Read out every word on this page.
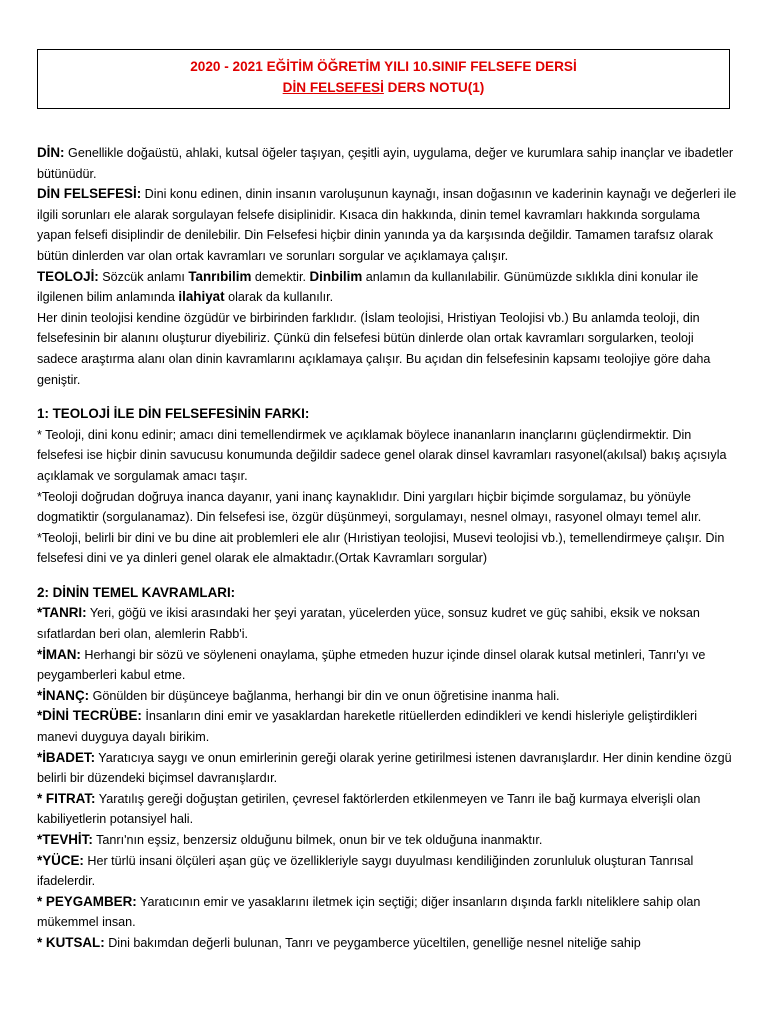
2020 - 2021 EĞİTİM ÖĞRETİM YILI 10.SINIF FELSEFE DERSİ
DİN FELSEFESİ DERS NOTU(1)

DİN: Genellikle doğaüstü, ahlaki, kutsal öğeler taşıyan, çeşitli ayin, uygulama, değer ve kurumlara sahip inançlar ve ibadetler bütünüdür.

DİN FELSEFESİ: Dini konu edinen, dinin insanın varoluşunun kaynağı, insan doğasının ve kaderinin kaynağı ve değerleri ile ilgili sorunları ele alarak sorgulayan felsefe disiplinidir. Kısaca din hakkında, dinin temel kavramları hakkında sorgulama yapan felsefi disiplindir de denilebilir. Din Felsefesi hiçbir dinin yanında ya da karşısında değildir. Tamamen tarafsız olarak bütün dinlerden var olan ortak kavramları ve sorunları sorgular ve açıklamaya çalışır.

TEOLOJİ: Sözcük anlamı Tanrıbilim demektir. Dinbilim anlamın da kullanılabilir. Günümüzde sıklıkla dini konular ile ilgilenen bilim anlamında ilahiyat olarak da kullanılır.

Her dinin teolojisi kendine özgüdür ve birbirinden farklıdır. (İslam teolojisi, Hristiyan Teolojisi vb.) Bu anlamda teoloji, din felsefesinin bir alanını oluşturur diyebiliriz. Çünkü din felsefesi bütün dinlerde olan ortak kavramları sorgularken, teoloji sadece araştırma alanı olan dinin kavramlarını açıklamaya çalışır. Bu açıdan din felsefesinin kapsamı teolojiye göre daha geniştir.

1: TEOLOJİ İLE DİN FELSEFESİNİN FARKI:

* Teoloji, dini konu edinir; amacı dini temellendirmek ve açıklamak böylece inananların inançlarını güçlendirmektir. Din felsefesi ise hiçbir dinin savucusu konumunda değildir sadece genel olarak dinsel kavramları rasyonel(akılsal) bakış açısıyla açıklamak ve sorgulamak amacı taşır.

*Teoloji doğrudan doğruya inanca dayanır, yani inanç kaynaklıdır. Dini yargıları hiçbir biçimde sorgulamaz, bu yönüyle dogmatiktir (sorgulanamaz). Din felsefesi ise, özgür düşünmeyi, sorgulamayı, nesnel olmayı, rasyonel olmayı temel alır.

*Teoloji, belirli bir dini ve bu dine ait problemleri ele alır (Hıristiyan teolojisi, Musevi teolojisi vb.), temellendirmeye çalışır. Din felsefesi dini ve ya dinleri genel olarak ele almaktadır.(Ortak Kavramları sorgular)

2: DİNİN TEMEL KAVRAMLARI:

*TANRI: Yeri, göğü ve ikisi arasındaki her şeyi yaratan, yücelerden yüce, sonsuz kudret ve güç sahibi, eksik ve noksan sıfatlardan beri olan, alemlerin Rabb'i.

*İMAN: Herhangi bir sözü ve söyleneni onaylama, şüphe etmeden huzur içinde dinsel olarak kutsal metinleri, Tanrı'yı ve peygamberleri kabul etme.

*İNANÇ: Gönülden bir düşünceye bağlanma, herhangi bir din ve onun öğretisine inanma hali.

*DİNİ TECRÜBE: İnsanların dini emir ve yasaklardan hareketle ritüellerden edindikleri ve kendi hisleriyle geliştirdikleri manevi duyguya dayalı birikim.

*İBADET: Yaratıcıya saygı ve onun emirlerinin gereği olarak yerine getirilmesi istenen davranışlardır. Her dinin kendine özgü belirli bir düzendeki biçimsel davranışlardır.

* FITRAT: Yaratılış gereği doğuştan getirilen, çevresel faktörlerden etkilenmeyen ve Tanrı ile bağ kurmaya elverişli olan kabiliyetlerin potansiyel hali.

*TEVHİT: Tanrı'nın eşsiz, benzersiz olduğunu bilmek, onun bir ve tek olduğuna inanmaktır.

*YÜCE: Her türlü insani ölçüleri aşan güç ve özellikleriyle saygı duyulması kendiliğinden zorunluluk oluşturan Tanrısal ifadelerdir.

* PEYGAMBER: Yaratıcının emir ve yasaklarını iletmek için seçtiği; diğer insanların dışında farklı niteliklere sahip olan mükemmel insan.

* KUTSAL: Dini bakımdan değerli bulunan, Tanrı ve peygamberce yüceltilen, genelliğe nesnel niteliğe sahip
